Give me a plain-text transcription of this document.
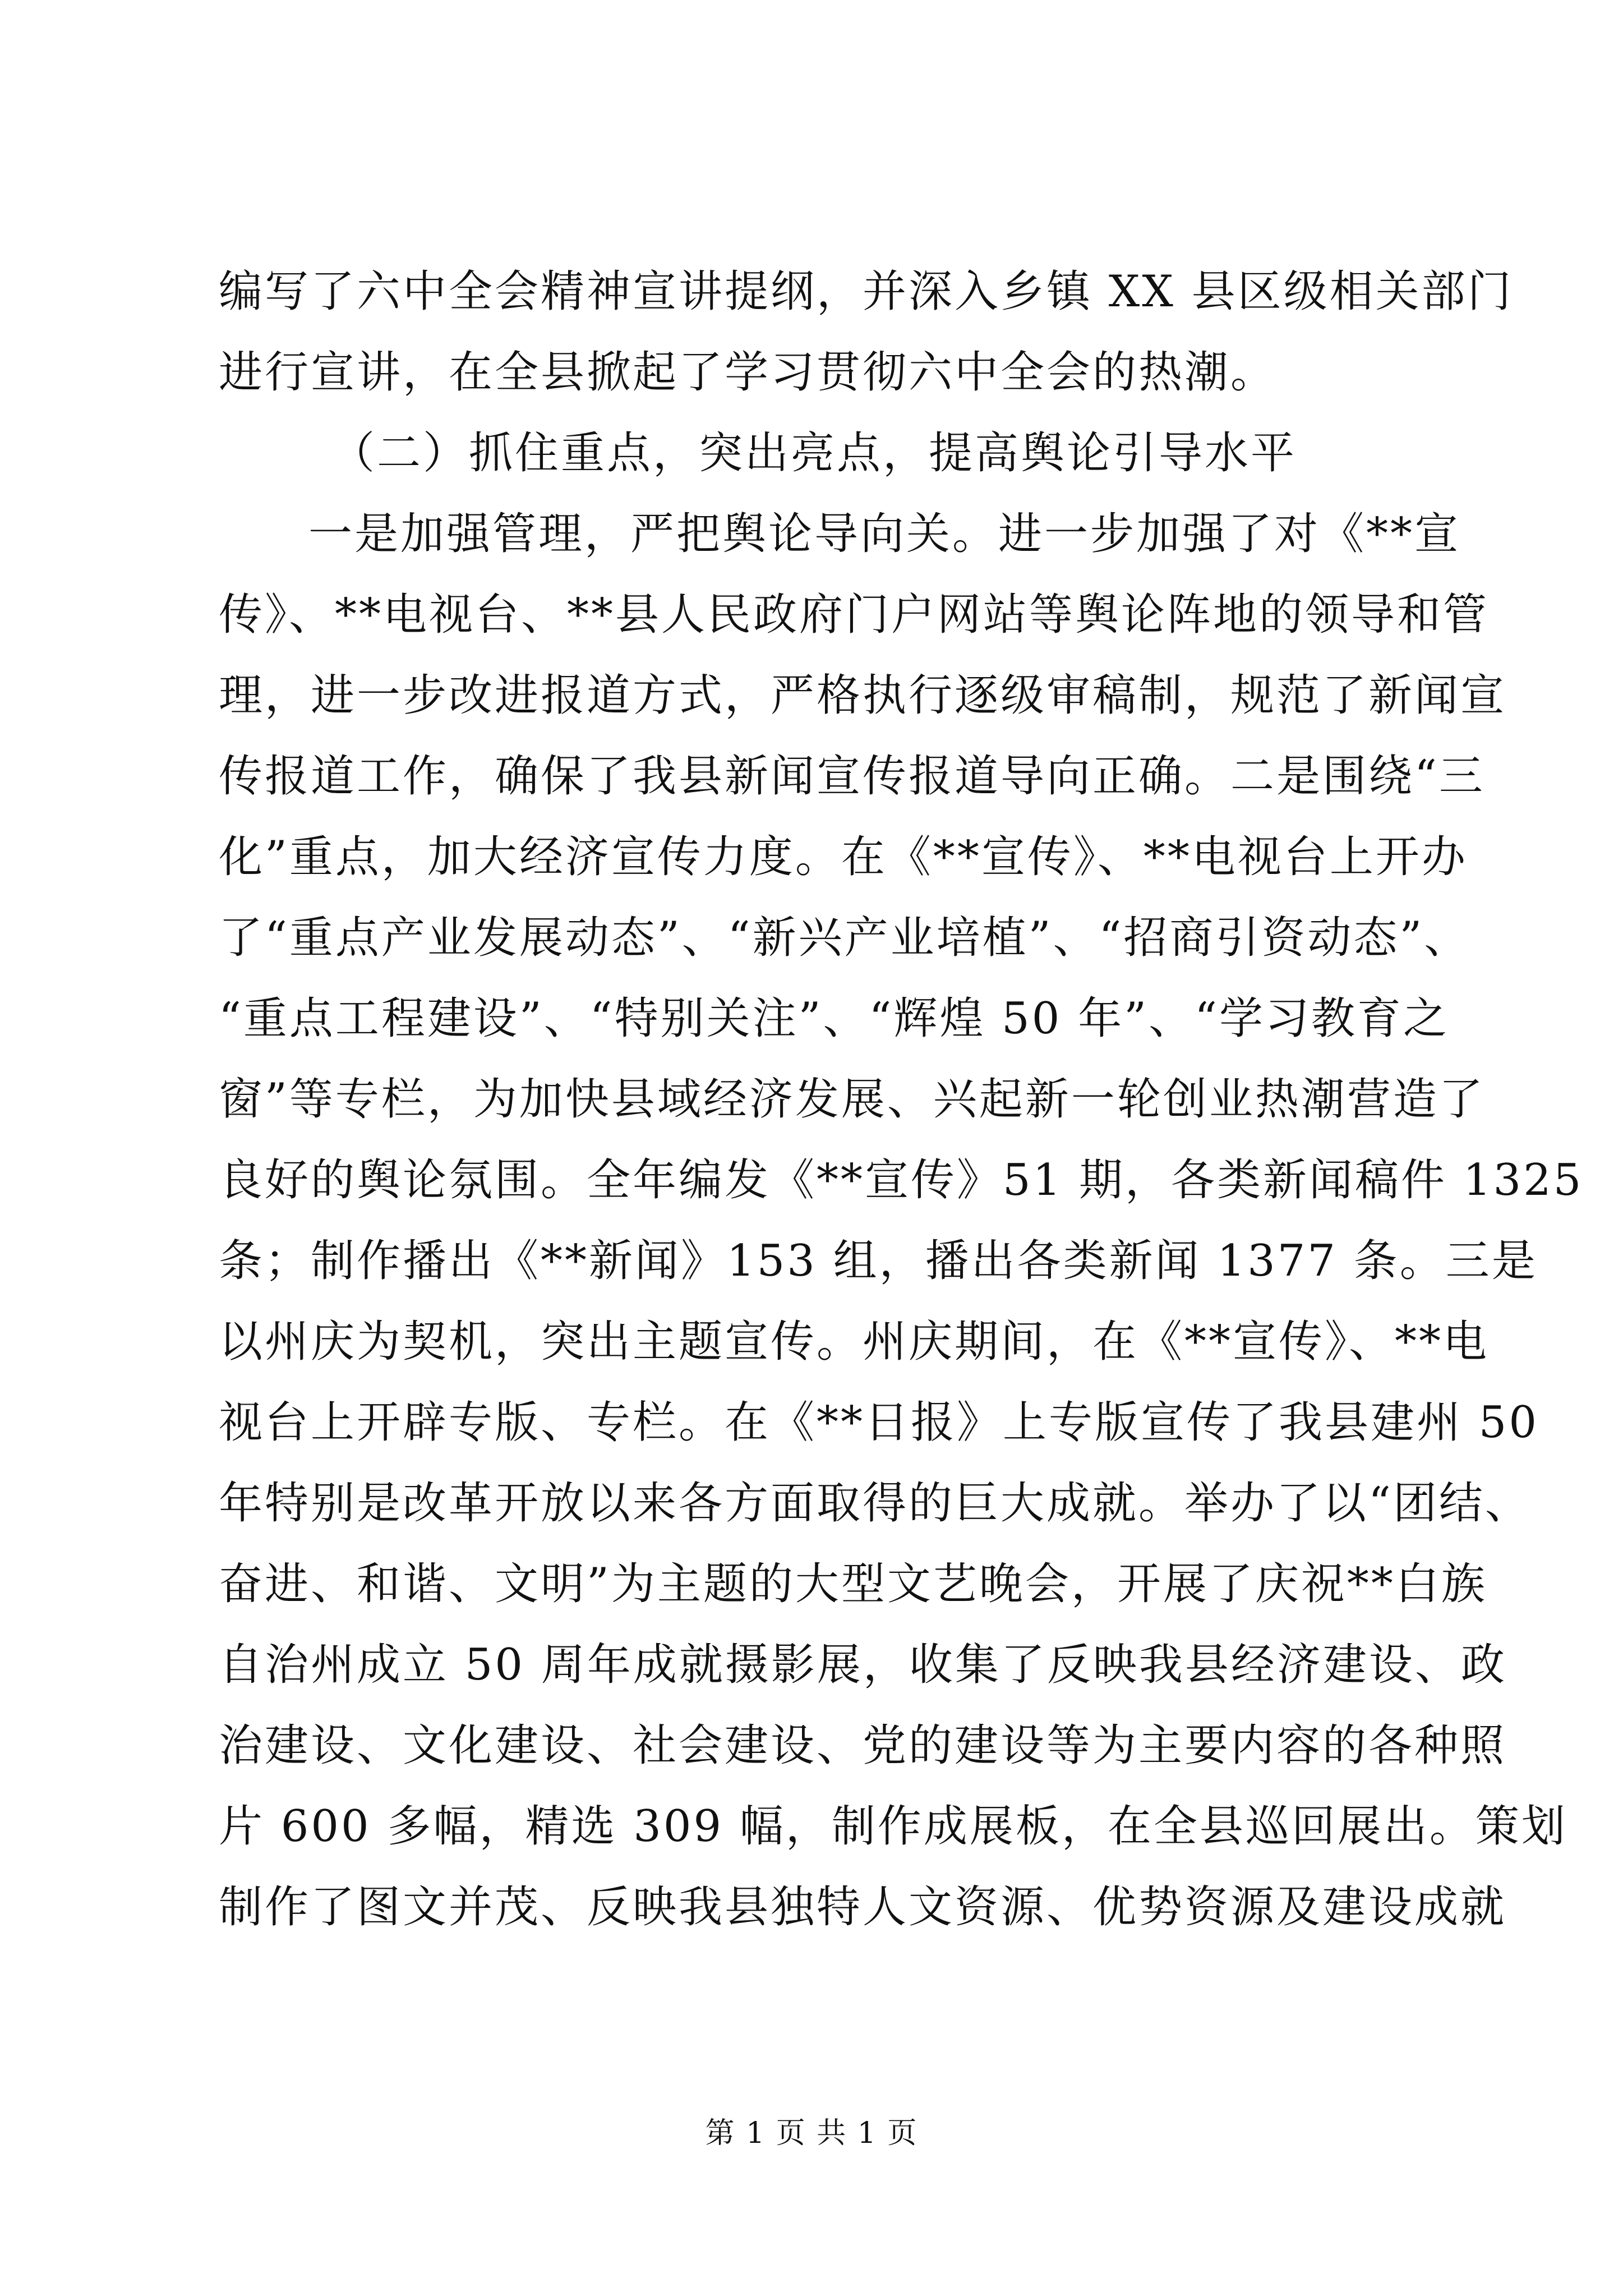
编写了六中全会精神宣讲提纲，并深入乡镇 XX 县区级相关部门
进行宣讲，在全县掀起了学习贯彻六中全会的热潮。
（二）抓住重点，突出亮点，提高舆论引导水平
一是加强管理，严把舆论导向关。进一步加强了对《**宣
传》、**电视台、**县人民政府门户网站等舆论阵地的领导和管
理，进一步改进报道方式，严格执行逐级审稿制，规范了新闻宣
传报道工作，确保了我县新闻宣传报道导向正确。二是围绕“三
化”重点，加大经济宣传力度。在《**宣传》、**电视台上开办
了“重点产业发展动态”、“新兴产业培植”、“招商引资动态”、
“重点工程建设”、“特别关注”、“辉煌 50 年”、“学习教育之
窗”等专栏，为加快县域经济发展、兴起新一轮创业热潮营造了
良好的舆论氛围。全年编发《**宣传》51 期，各类新闻稿件 1325
条；制作播出《**新闻》153 组，播出各类新闻 1377 条。三是
以州庆为契机，突出主题宣传。州庆期间，在《**宣传》、**电
视台上开辟专版、专栏。在《**日报》上专版宣传了我县建州 50
年特别是改革开放以来各方面取得的巨大成就。举办了以“团结、
奋进、和谐、文明”为主题的大型文艺晚会，开展了庆祝**白族
自治州成立 50 周年成就摄影展，收集了反映我县经济建设、政
治建设、文化建设、社会建设、党的建设等为主要内容的各种照
片 600 多幅，精选 309 幅，制作成展板，在全县巡回展出。策划
制作了图文并茂、反映我县独特人文资源、优势资源及建设成就
第 1 页 共 1 页
